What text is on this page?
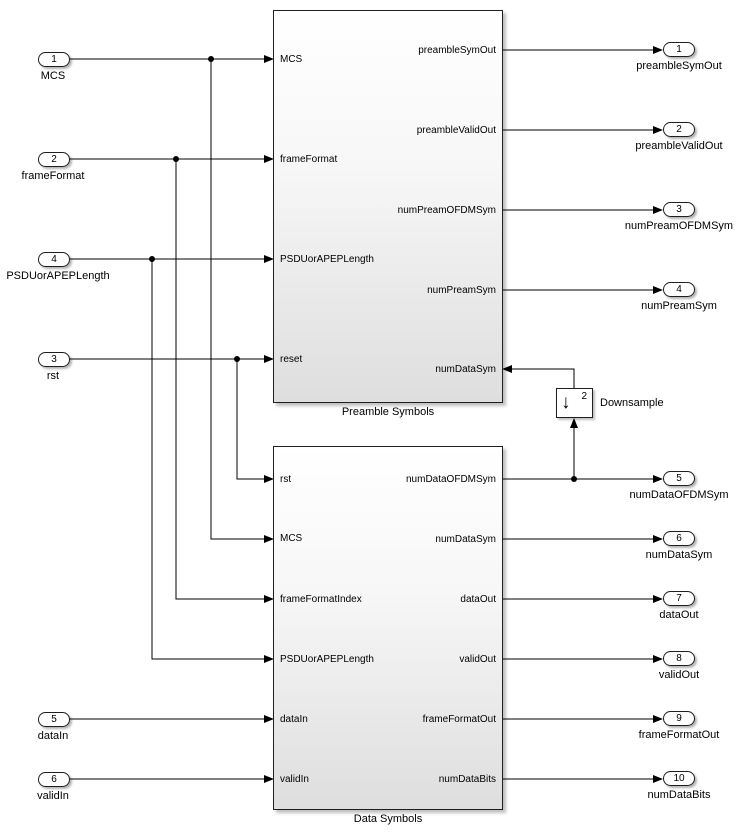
1
MCS
2
frameFormat
4
PSDUorAPEPLength
3
rst
5
dataIn
6
validIn
MCS
frameFormat
PSDUorAPEPLength
reset
preambleSymOut
preambleValidOut
numPreamOFDMSym
numPreamSym
numDataSym
Preamble Symbols
rst
MCS
frameFormatIndex
PSDUorAPEPLength
dataIn
validIn
numDataOFDMSym
numDataSym
dataOut
validOut
frameFormatOut
numDataBits
Data Symbols
↓ 2
Downsample
1
preambleSymOut
2
preambleValidOut
3
numPreamOFDMSym
4
numPreamSym
5
numDataOFDMSym
6
numDataSym
7
dataOut
8
validOut
9
frameFormatOut
10
numDataBits
